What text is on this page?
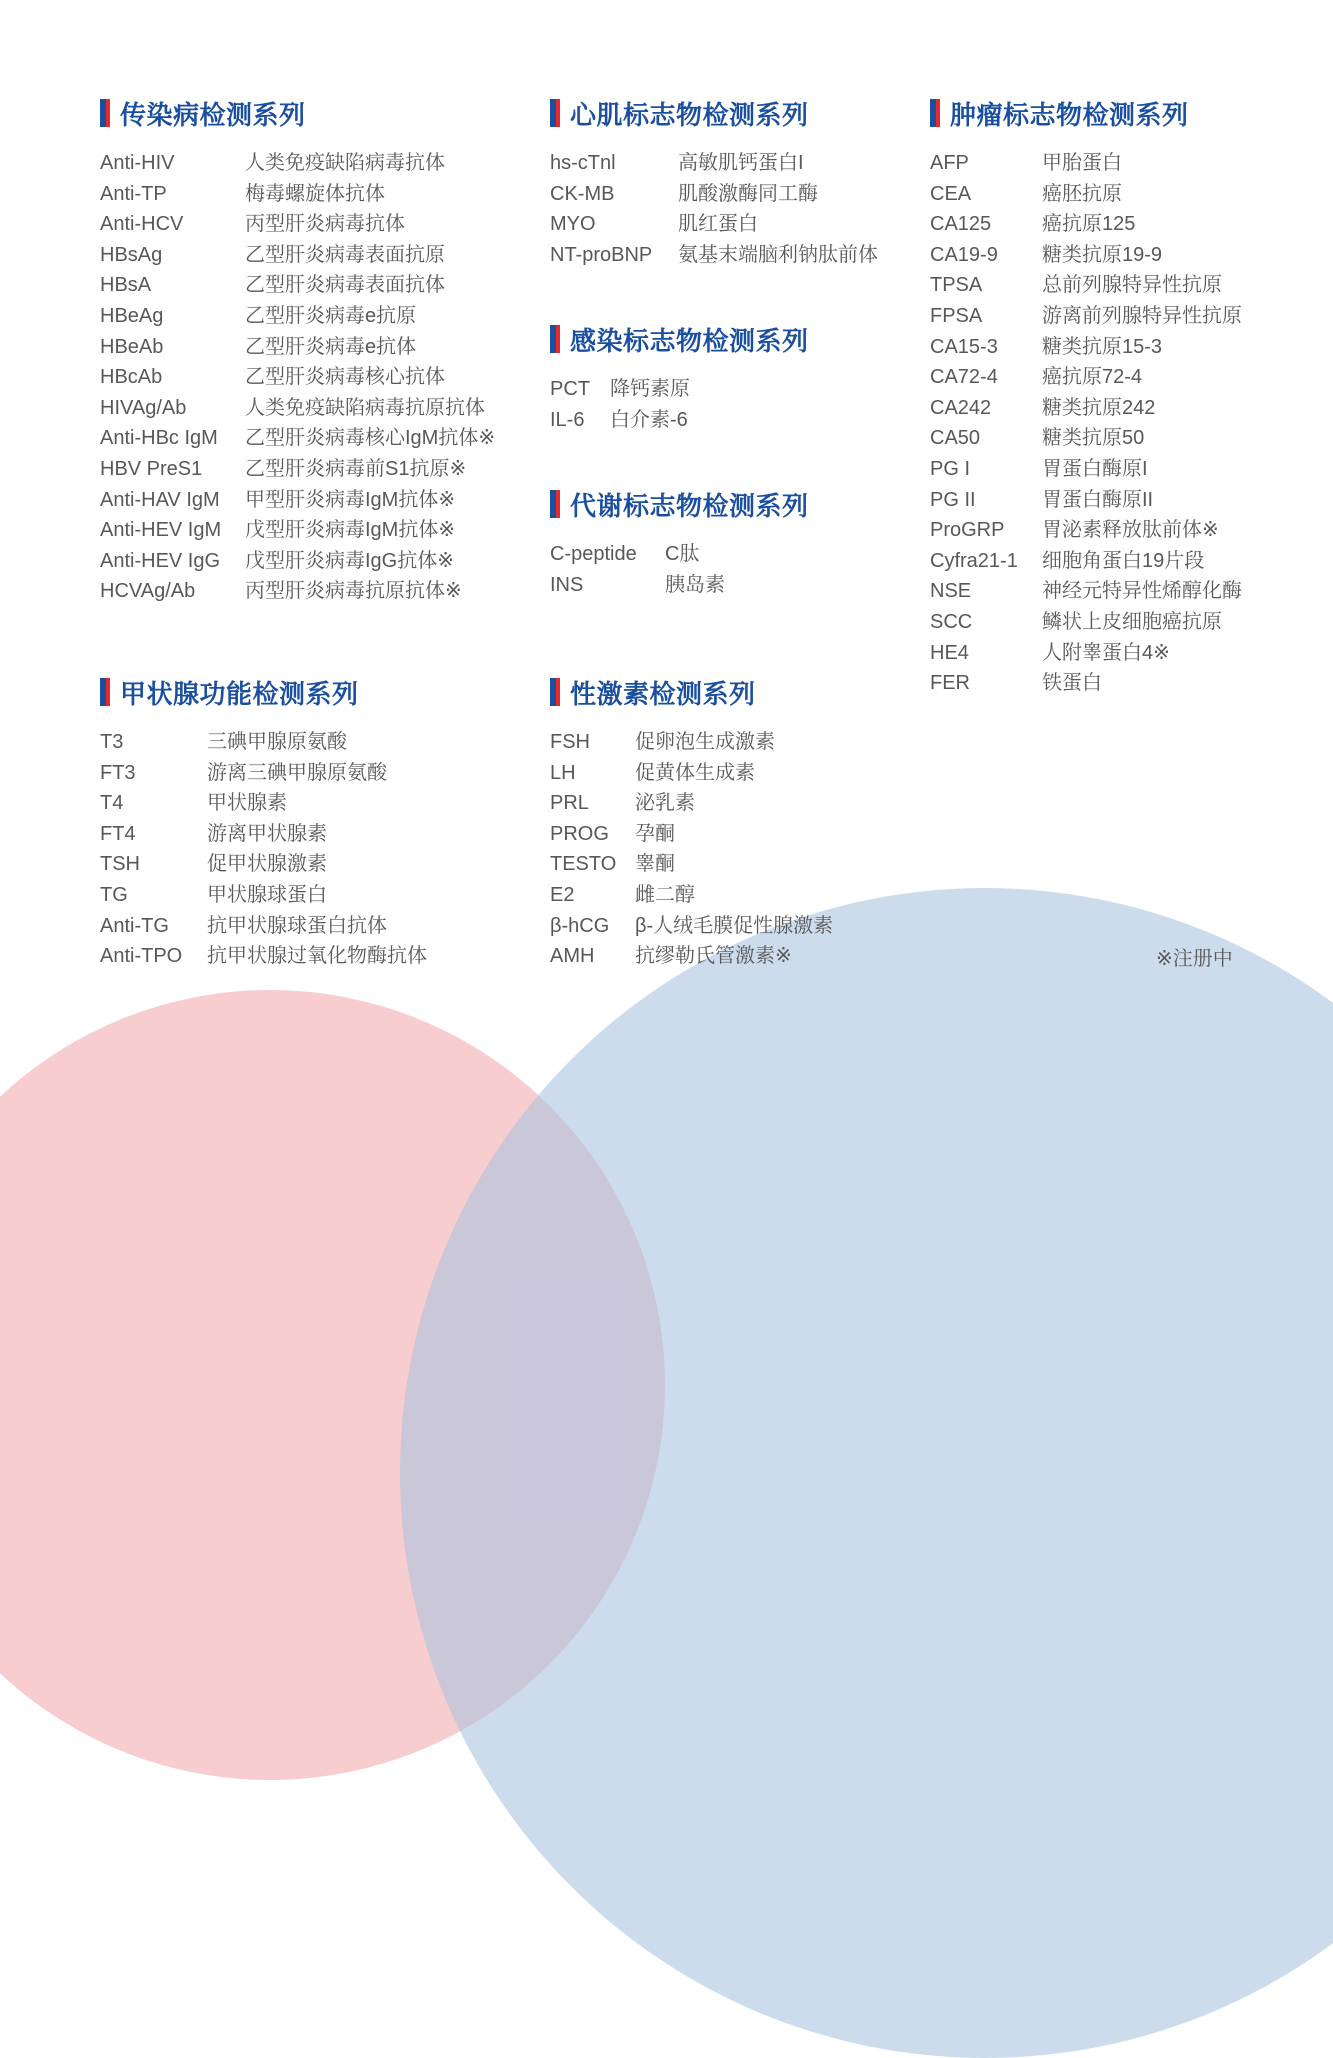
传染病检测系列
Anti-HIV	人类免疫缺陷病毒抗体
Anti-TP	梅毒螺旋体抗体
Anti-HCV	丙型肝炎病毒抗体
HBsAg	乙型肝炎病毒表面抗原
HBsA	乙型肝炎病毒表面抗体
HBeAg	乙型肝炎病毒e抗原
HBeAb	乙型肝炎病毒e抗体
HBcAb	乙型肝炎病毒核心抗体
HIVAg/Ab	人类免疫缺陷病毒抗原抗体
Anti-HBc IgM	乙型肝炎病毒核心IgM抗体※
HBV PreS1	乙型肝炎病毒前S1抗原※
Anti-HAV IgM	甲型肝炎病毒IgM抗体※
Anti-HEV IgM	戊型肝炎病毒IgM抗体※
Anti-HEV IgG	戊型肝炎病毒IgG抗体※
HCVAg/Ab	丙型肝炎病毒抗原抗体※
心肌标志物检测系列
hs-cTnl	高敏肌钙蛋白I
CK-MB	肌酸激酶同工酶
MYO	肌红蛋白
NT-proBNP	氨基末端脑利钠肽前体
感染标志物检测系列
PCT	降钙素原
IL-6	白介素-6
代谢标志物检测系列
C-peptide	C肽
INS	胰岛素
肿瘤标志物检测系列
AFP	甲胎蛋白
CEA	癌胚抗原
CA125	癌抗原125
CA19-9	糖类抗原19-9
TPSA	总前列腺特异性抗原
FPSA	游离前列腺特异性抗原
CA15-3	糖类抗原15-3
CA72-4	癌抗原72-4
CA242	糖类抗原242
CA50	糖类抗原50
PG I	胃蛋白酶原I
PG II	胃蛋白酶原II
ProGRP	胃泌素释放肽前体※
Cyfra21-1	细胞角蛋白19片段
NSE	神经元特异性烯醇化酶
SCC	鳞状上皮细胞癌抗原
HE4	人附睾蛋白4※
FER	铁蛋白
甲状腺功能检测系列
T3	三碘甲腺原氨酸
FT3	游离三碘甲腺原氨酸
T4	甲状腺素
FT4	游离甲状腺素
TSH	促甲状腺激素
TG	甲状腺球蛋白
Anti-TG	抗甲状腺球蛋白抗体
Anti-TPO	抗甲状腺过氧化物酶抗体
性激素检测系列
FSH	促卵泡生成激素
LH	促黄体生成素
PRL	泌乳素
PROG	孕酮
TESTO 睾酮
E2	雌二醇
β-hCG	β-人绒毛膜促性腺激素
AMH	抗缪勒氏管激素※	※注册中
